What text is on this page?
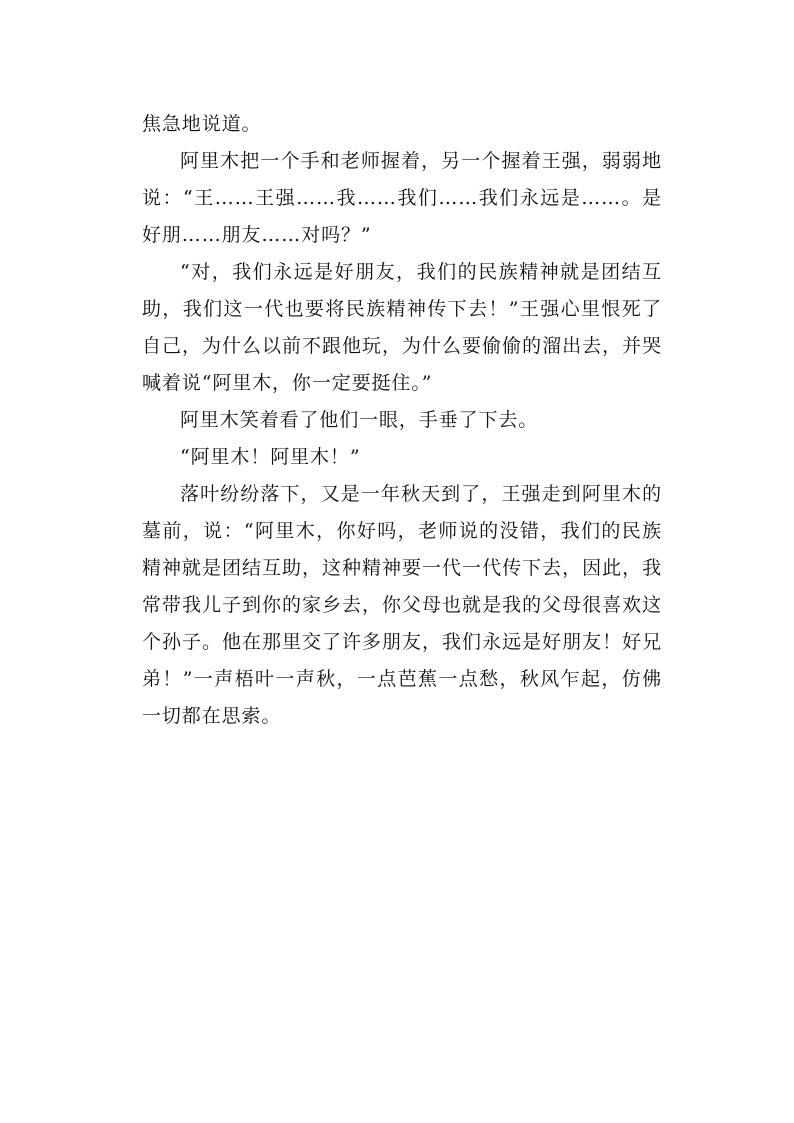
焦急地说道。

阿里木把一个手和老师握着，另一个握着王强，弱弱地说：“王……王强……我……我们……我们永远是……。是好朋……朋友……对吗？”

“对，我们永远是好朋友，我们的民族精神就是团结互助，我们这一代也要将民族精神传下去！”王强心里恨死了自己，为什么以前不跟他玩，为什么要偷偷的溜出去，并哭喊着说“阿里木，你一定要挺住。”

阿里木笑着看了他们一眼，手垂了下去。

“阿里木！阿里木！”

落叶纷纷落下，又是一年秋天到了，王强走到阿里木的墓前，说：“阿里木，你好吗，老师说的没错，我们的民族精神就是团结互助，这种精神要一代一代传下去，因此，我常带我儿子到你的家乡去，你父母也就是我的父母很喜欢这个孙子。他在那里交了许多朋友，我们永远是好朋友！好兄弟！”一声梧叶一声秋，一点芭蕉一点愁，秋风乍起，仿佛一切都在思索。
